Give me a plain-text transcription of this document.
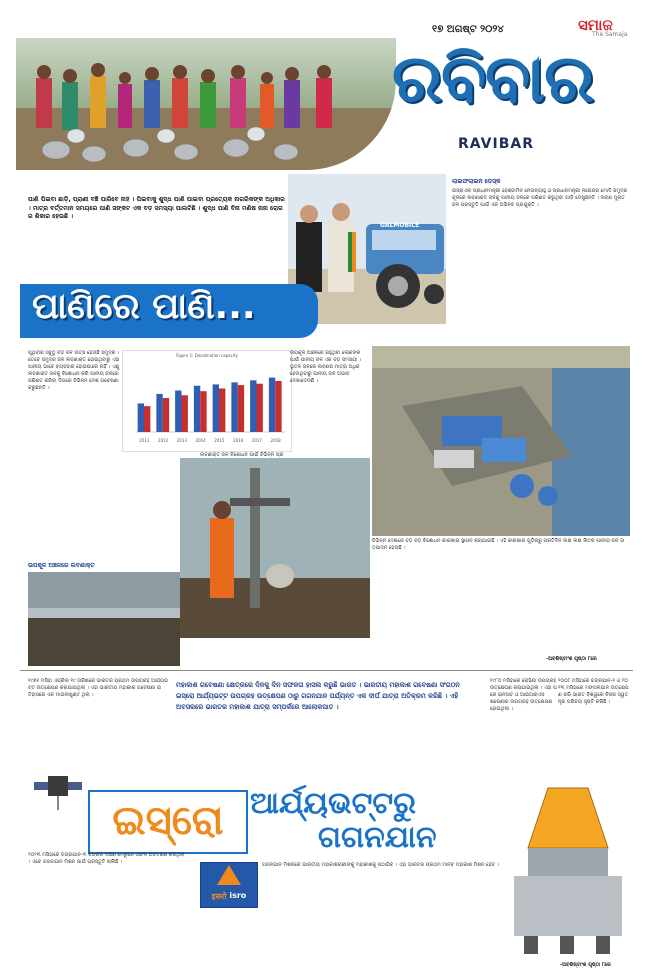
୧୭ ଅଗଷ୍ଟ ୨୦୨୪	ସମାଜ
The Samaja
ରବିବାର
RAVIBAR
ଲାଇଫଲାଇନ ଡେସ୍କ
ପାଣି ପିଇବା ଛାଡ଼ି, ପ୍ରାଣୀ ବଞ୍ଚି ପାରିବେ ନାହିଁ । ପିଇବାକୁ ଶୁଦ୍ଧ ପାଣି ପାଇବା ପ୍ରତ୍ୟେକ ନାଗରିକଙ୍କ ଅଧିକାର । ମାତ୍ର ବର୍ତ୍ତମାନ ସମୟରେ ପାଣି ସଙ୍କଟ ଏକ ବଡ଼ ସମସ୍ୟା ପାଲଟିଛି । ଶୁଦ୍ଧ ପାଣି ବିନା ମଣିଷ ନାନା ରୋଗର ଶିକାର ହେଉଛି ।
GALMOBILE
ଇସ୍ରାଏଲ ପ୍ରଧାନମନ୍ତ୍ରୀ ବେଞ୍ଜାମିନ ନେତାନ୍ୟାହୁ ଓ ପ୍ରଧାନମନ୍ତ୍ରୀ ନରେନ୍ଦ୍ର ମୋଦି ସମୁଦ୍ର କୂଳରେ ଲବଣାକ୍ତ ଜଳକୁ ପାନୀୟ ଜଳରେ ପରିଣତ କରୁଥିବା ଗାଡ଼ି ଦେଖୁଛନ୍ତି । ଲବଣ ମୁକ୍ତ ଜଳ ପ୍ରସ୍ତୁତି ପାଇଁ ଏକ ଅଭିନବ ପ୍ରଯୁକ୍ତି ।
ପାଣିରେ ପାଣି...
ପୃଥିବୀର ସବୁଠୁ ବଡ଼ ଜଳ ଉତ୍ସ ହେଉଛି ସମୁଦ୍ର । ତେବେ ସମୁଦ୍ର ଜଳ ଲବଣାକ୍ତ ହୋଇଥିବାରୁ ଏହା ପାନୀୟ ଭାବେ ବ୍ୟବହାର ହୋଇପାରେ ନାହିଁ । ଏଣୁ ଲବଣାକ୍ତ ଜଳକୁ ବିଶୋଧନ କରି ପାନୀୟ ଜଳରେ ପରିଣତ କରିବା ଦିଗରେ ବିଭିନ୍ନ ଦେଶ ଗବେଷଣା କରୁଛନ୍ତି ।
Figure 1: Desalination capacity
2011 2012 2013 2014 2015 2016 2017 2018
ଲବଣାକ୍ତ ଜଳ ବିଶୋଧନ ପାଇଁ ବିଭିନ୍ନ ପ୍ର
ଉପକୂଳ ଅଞ୍ଚଳରେ ରହୁଥିବା ଲୋକଙ୍କ ପାଇଁ ପାନୀୟ ଜଳ ଏକ ବଡ଼ ସମସ୍ୟା । ଭୂତଳ ଜଳରେ ଲବଣର ମାତ୍ରା ଅଧିକ ହେଉଥିବାରୁ ପାନୀୟ ଜଳ ଅଭାବ ଦେଖାଦେଉଛି ।
ଉପକୂଳ ଅଞ୍ଚଳରେ ଲବଣାକ୍ତ
ବିଭିନ୍ନ ଦେଶରେ ବଡ଼ ବଡ଼ ବିଶୋଧନ କାରଖାନା ସ୍ଥାପନ କରାଯାଇଛି । ଏହି କାରଖାନା ଗୁଡ଼ିକରୁ ପ୍ରତିଦିନ ଲକ୍ଷ ଲକ୍ଷ ଲିଟର ପାନୀୟ ଜଳ ଉତ୍ପାଦନ ହେଉଛି ।
-ଅବଶିଷ୍ଟାଂଶ ପୃଷ୍ଠା ୮ରେ
୧୯୭୫ ମସିହା ଏପ୍ରିଲ ୧୯ ତାରିଖରେ ଭାରତର ପ୍ରଥମ ଉପଗ୍ରହ ଆର୍ଯ୍ୟଭଟ୍ଟ ଉତ୍କ୍ଷେପଣ କରାଯାଇଥିଲା । ଏହା ଭାରତୀୟ ମହାକାଶ ଗବେଷଣା ଇତିହାସରେ ଏକ ମାଇଲଖୁଣ୍ଟ ଥିଲା ।
ମହାକାଶ ଗବେଷଣା କ୍ଷେତ୍ରରେ ଦିନକୁ ଦିନ ସଫଳତା ହାସଲ କରୁଛି ଭାରତ । ଭାରତୀୟ ମହାକାଶ ଗବେଷଣା ସଂଗଠନ ଇସ୍ରୋ ଆର୍ଯ୍ୟଭଟ୍ଟ ଉପଗ୍ରହ ଉତ୍କ୍ଷେପଣ ଠାରୁ ଗଗନଯାନ ପର୍ଯ୍ୟନ୍ତ ଏକ ଦୀର୍ଘ ଯାତ୍ରା ଅତିକ୍ରମ କରିଛି । ଏହି ଅବସରରେ ଭାରତର ମହାକାଶ ଯାତ୍ରା ସମ୍ପର୍କରେ ଆଲୋକପାତ ।
୧୯୮୦ ମସିହାରେ ରୋହିଣୀ ଉପଗ୍ରହ ଉତ୍କ୍ଷେପଣ କରାଯାଇଥିଲା । ଏହା ପରେ ଇନସାଟ ଓ ଆଇଆରଏସ ଶ୍ରେଣୀର ଉପଗ୍ରହ ଉତ୍କ୍ଷେପଣ ହୋଇଥିଲା ।
୨୦୦୮ ମସିହାରେ ଚନ୍ଦ୍ରଯାନ-୧ ଓ ୨୦୧୩ ମସିହାରେ ମଙ୍ଗଳଯାନ ଉତ୍କ୍ଷେପଣ କରି ଭାରତ ବିଶ୍ୱରେ ନିଜର ସ୍ୱତନ୍ତ୍ର ପରିଚୟ ସୃଷ୍ଟି କରିଛି ।
ଇସ୍ରୋ ଆର୍ଯ୍ୟଭଟ୍ଟରୁ
ଗଗନଯାନ
इसरो isro
୨୦୨୩ ମସିହାରେ ଚନ୍ଦ୍ରଯାନ-୩ ଚନ୍ଦ୍ରର ଦକ୍ଷିଣ ମେରୁରେ ସଫଳ ଅବତରଣ କରିଥିଲା । ଏବେ ଗଗନଯାନ ମିଶନ ପାଇଁ ପ୍ରସ୍ତୁତି ଚାଲିଛି ।	ଗଗନଯାନ ମିଶନରେ ଭାରତୀୟ ମହାକାଶଚାରୀଙ୍କୁ ମହାକାଶକୁ ପଠାଯିବ । ଏହା ଭାରତର ପ୍ରଥମ ମାନବ ମହାକାଶ ମିଶନ ହେବ ।
-ଅବଶିଷ୍ଟାଂଶ ପୃଷ୍ଠା ୮ରେ
